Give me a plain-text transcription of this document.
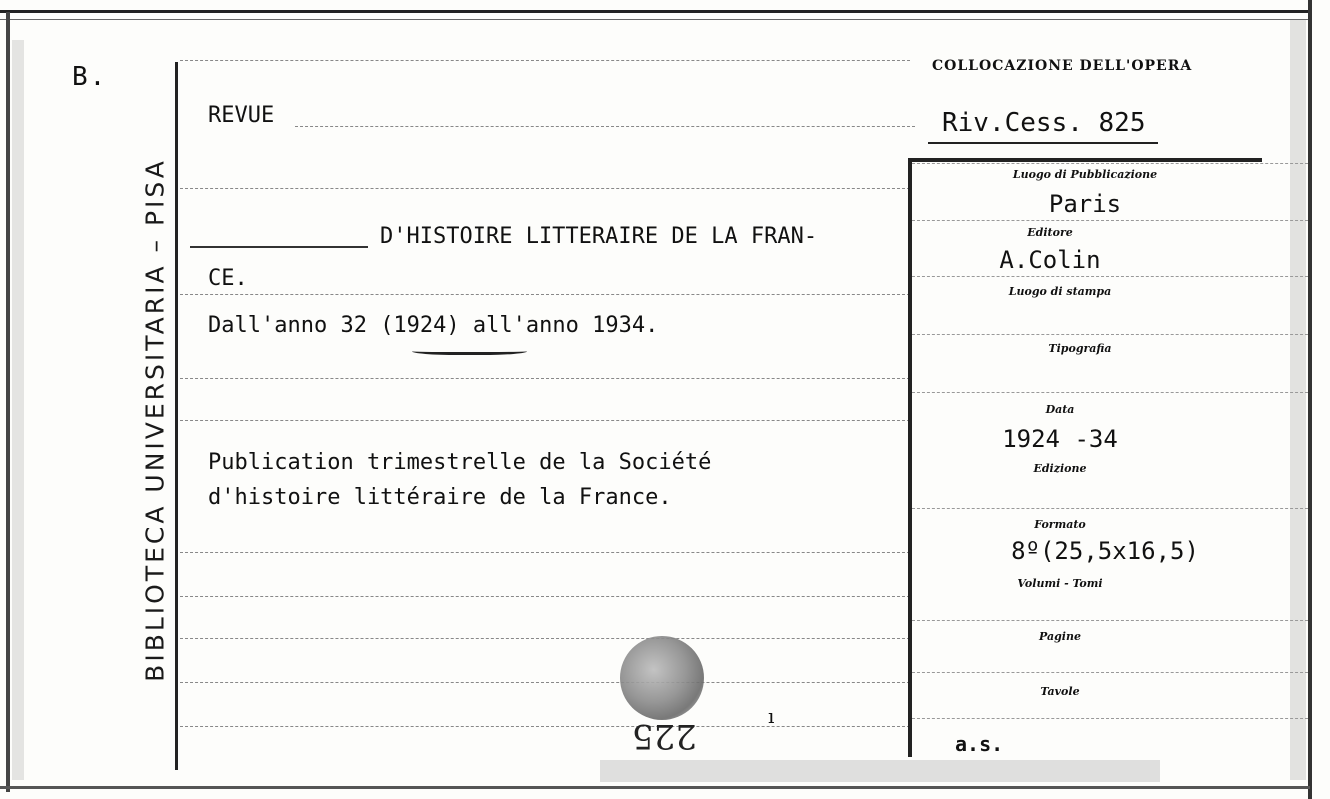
B.
BIBLIOTECA UNIVERSITARIA – PISA
REVUE
D'HISTOIRE LITTERAIRE DE LA FRAN-
CE.
Dall'anno 32 (1924) all'anno 1934.
Publication trimestrelle de la Société
d'histoire littéraire de la France.
COLLOCAZIONE DELL'OPERA
Riv.Cess. 825
Luogo di Pubblicazione
Paris
Editore
A.Colin
Luogo di stampa
Tipografia
Data
1924 -34
Edizione
Formato
8º(25,5x16,5)
Volumi - Tomi
Pagine
Tavole
a.s.
225	ı
